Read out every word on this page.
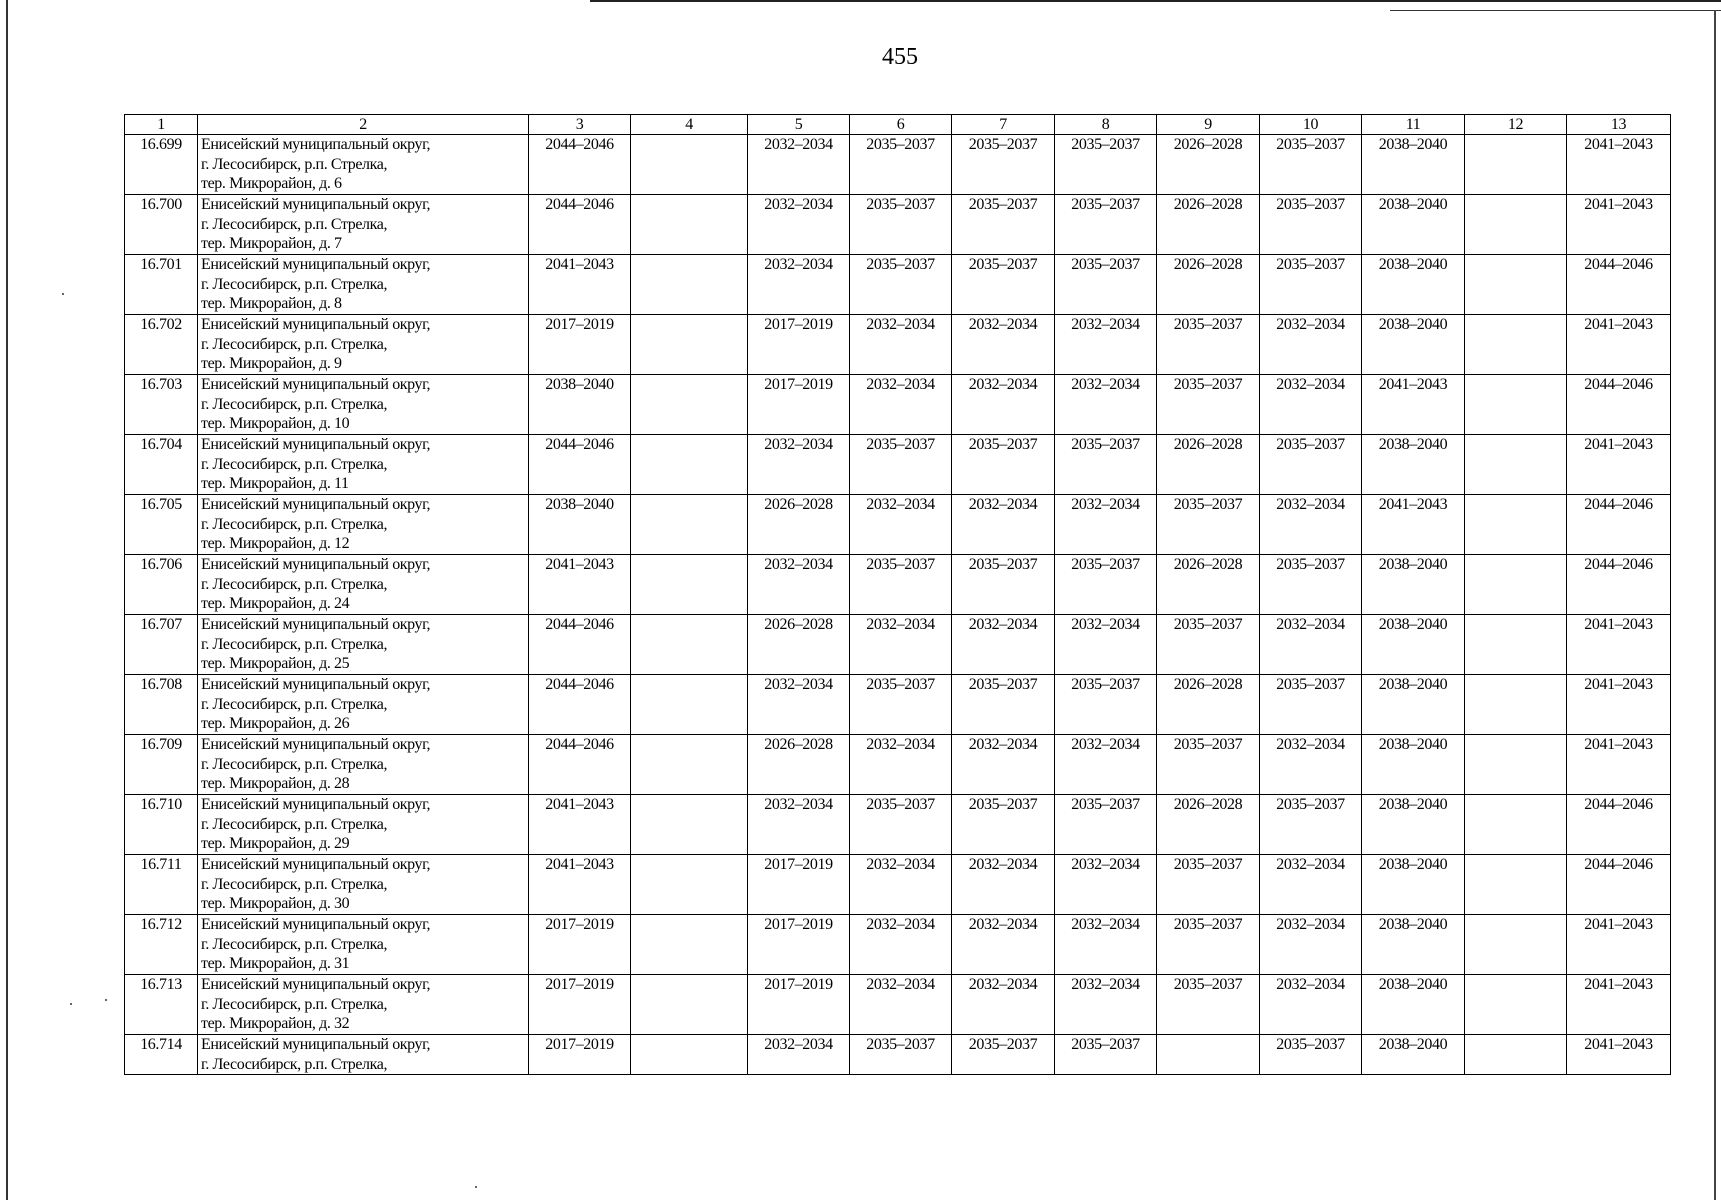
455
1	2	3	4	5	6	7	8	9	10	11	12	13
16.699	Енисейский муниципальный округ,
г. Лесосибирск, р.п. Стрелка,
тер. Микрорайон, д. 6	2044–2046		2032–2034	2035–2037	2035–2037	2035–2037	2026–2028	2035–2037	2038–2040		2041–2043
16.700	Енисейский муниципальный округ,
г. Лесосибирск, р.п. Стрелка,
тер. Микрорайон, д. 7	2044–2046		2032–2034	2035–2037	2035–2037	2035–2037	2026–2028	2035–2037	2038–2040		2041–2043
16.701	Енисейский муниципальный округ,
г. Лесосибирск, р.п. Стрелка,
тер. Микрорайон, д. 8	2041–2043		2032–2034	2035–2037	2035–2037	2035–2037	2026–2028	2035–2037	2038–2040		2044–2046
16.702	Енисейский муниципальный округ,
г. Лесосибирск, р.п. Стрелка,
тер. Микрорайон, д. 9	2017–2019		2017–2019	2032–2034	2032–2034	2032–2034	2035–2037	2032–2034	2038–2040		2041–2043
16.703	Енисейский муниципальный округ,
г. Лесосибирск, р.п. Стрелка,
тер. Микрорайон, д. 10	2038–2040		2017–2019	2032–2034	2032–2034	2032–2034	2035–2037	2032–2034	2041–2043		2044–2046
16.704	Енисейский муниципальный округ,
г. Лесосибирск, р.п. Стрелка,
тер. Микрорайон, д. 11	2044–2046		2032–2034	2035–2037	2035–2037	2035–2037	2026–2028	2035–2037	2038–2040		2041–2043
16.705	Енисейский муниципальный округ,
г. Лесосибирск, р.п. Стрелка,
тер. Микрорайон, д. 12	2038–2040		2026–2028	2032–2034	2032–2034	2032–2034	2035–2037	2032–2034	2041–2043		2044–2046
16.706	Енисейский муниципальный округ,
г. Лесосибирск, р.п. Стрелка,
тер. Микрорайон, д. 24	2041–2043		2032–2034	2035–2037	2035–2037	2035–2037	2026–2028	2035–2037	2038–2040		2044–2046
16.707	Енисейский муниципальный округ,
г. Лесосибирск, р.п. Стрелка,
тер. Микрорайон, д. 25	2044–2046		2026–2028	2032–2034	2032–2034	2032–2034	2035–2037	2032–2034	2038–2040		2041–2043
16.708	Енисейский муниципальный округ,
г. Лесосибирск, р.п. Стрелка,
тер. Микрорайон, д. 26	2044–2046		2032–2034	2035–2037	2035–2037	2035–2037	2026–2028	2035–2037	2038–2040		2041–2043
16.709	Енисейский муниципальный округ,
г. Лесосибирск, р.п. Стрелка,
тер. Микрорайон, д. 28	2044–2046		2026–2028	2032–2034	2032–2034	2032–2034	2035–2037	2032–2034	2038–2040		2041–2043
16.710	Енисейский муниципальный округ,
г. Лесосибирск, р.п. Стрелка,
тер. Микрорайон, д. 29	2041–2043		2032–2034	2035–2037	2035–2037	2035–2037	2026–2028	2035–2037	2038–2040		2044–2046
16.711	Енисейский муниципальный округ,
г. Лесосибирск, р.п. Стрелка,
тер. Микрорайон, д. 30	2041–2043		2017–2019	2032–2034	2032–2034	2032–2034	2035–2037	2032–2034	2038–2040		2044–2046
16.712	Енисейский муниципальный округ,
г. Лесосибирск, р.п. Стрелка,
тер. Микрорайон, д. 31	2017–2019		2017–2019	2032–2034	2032–2034	2032–2034	2035–2037	2032–2034	2038–2040		2041–2043
16.713	Енисейский муниципальный округ,
г. Лесосибирск, р.п. Стрелка,
тер. Микрорайон, д. 32	2017–2019		2017–2019	2032–2034	2032–2034	2032–2034	2035–2037	2032–2034	2038–2040		2041–2043
16.714	Енисейский муниципальный округ,
г. Лесосибирск, р.п. Стрелка,	2017–2019		2032–2034	2035–2037	2035–2037	2035–2037		2035–2037	2038–2040		2041–2043
